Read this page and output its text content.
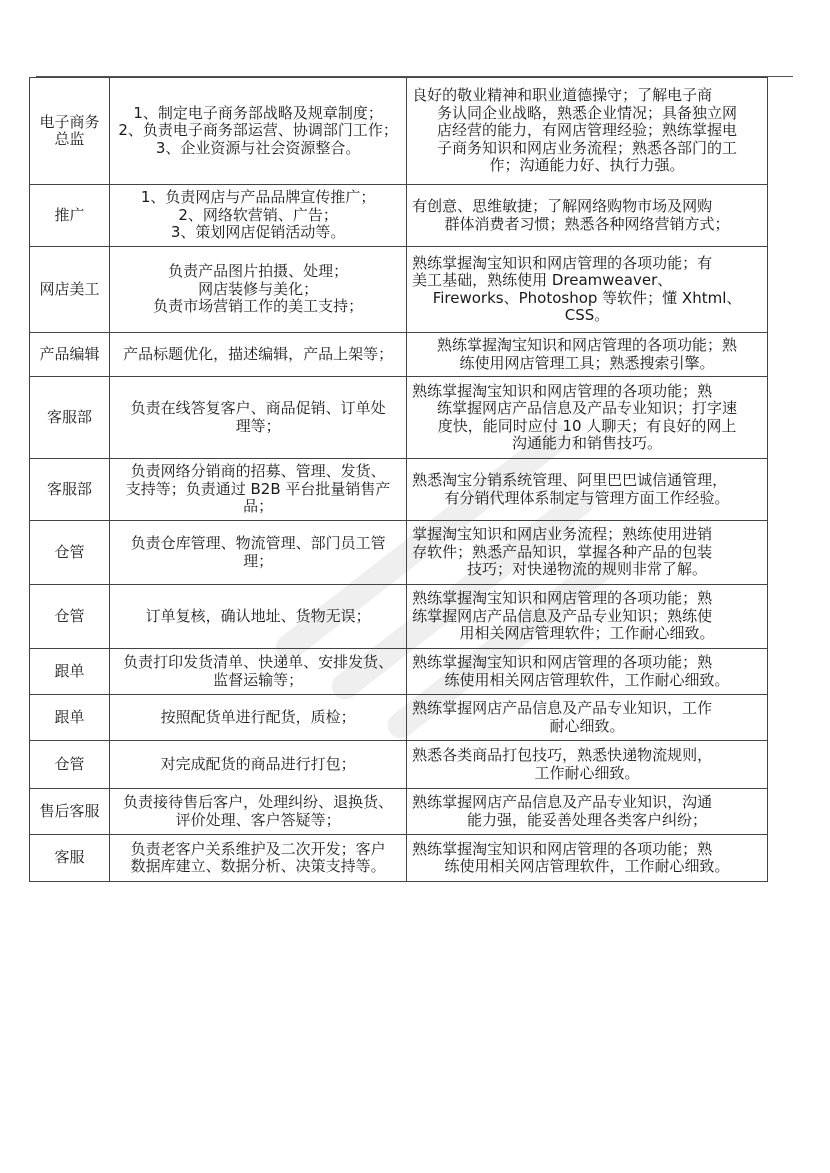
电子商务
总监	1、制定电子商务部战略及规章制度；
2、负责电子商务部运营、协调部门工作；
3、企业资源与社会资源整合。	良好的敬业精神和职业道德操守；了解电子商
务认同企业战略，熟悉企业情况；具备独立网
店经营的能力，有网店管理经验；熟练掌握电
子商务知识和网店业务流程；熟悉各部门的工
作；沟通能力好、执行力强。

推广	1、负责网店与产品品牌宣传推广；
2、网络软营销、广告；
3、策划网店促销活动等。	有创意、思维敏捷；了解网络购物市场及网购
群体消费者习惯；熟悉各种网络营销方式；

网店美工	负责产品图片拍摄、处理；
网店装修与美化；
负责市场营销工作的美工支持；	熟练掌握淘宝知识和网店管理的各项功能；有
美工基础，熟练使用 Dreamweaver、
Fireworks、Photoshop 等软件；懂 Xhtml、
CSS。

产品编辑	产品标题优化，描述编辑，产品上架等；	熟练掌握淘宝知识和网店管理的各项功能；熟
练使用网店管理工具；熟悉搜索引擎。

客服部	负责在线答复客户、商品促销、订单处
理等；	熟练掌握淘宝知识和网店管理的各项功能；熟
练掌握网店产品信息及产品专业知识；打字速
度快，能同时应付 10 人聊天；有良好的网上
沟通能力和销售技巧。

客服部	负责网络分销商的招募、管理、发货、
支持等；负责通过 B2B 平台批量销售产
品；	熟悉淘宝分销系统管理、阿里巴巴诚信通管理，
有分销代理体系制定与管理方面工作经验。

仓管	负责仓库管理、物流管理、部门员工管
理；	掌握淘宝知识和网店业务流程；熟练使用进销
存软件；熟悉产品知识，掌握各种产品的包装
技巧；对快递物流的规则非常了解。

仓管	订单复核，确认地址、货物无误；	熟练掌握淘宝知识和网店管理的各项功能；熟
练掌握网店产品信息及产品专业知识；熟练使
用相关网店管理软件；工作耐心细致。

跟单	负责打印发货清单、快递单、安排发货、
监督运输等；	熟练掌握淘宝知识和网店管理的各项功能；熟
练使用相关网店管理软件，工作耐心细致。

跟单	按照配货单进行配货，质检；	熟练掌握网店产品信息及产品专业知识，工作
耐心细致。

仓管	对完成配货的商品进行打包；	熟悉各类商品打包技巧，熟悉快递物流规则，
工作耐心细致。

售后客服	负责接待售后客户，处理纠纷、退换货、
评价处理、客户答疑等；	熟练掌握网店产品信息及产品专业知识，沟通
能力强，能妥善处理各类客户纠纷；

客服	负责老客户关系维护及二次开发；客户
数据库建立、数据分析、决策支持等。	熟练掌握淘宝知识和网店管理的各项功能；熟
练使用相关网店管理软件，工作耐心细致。
